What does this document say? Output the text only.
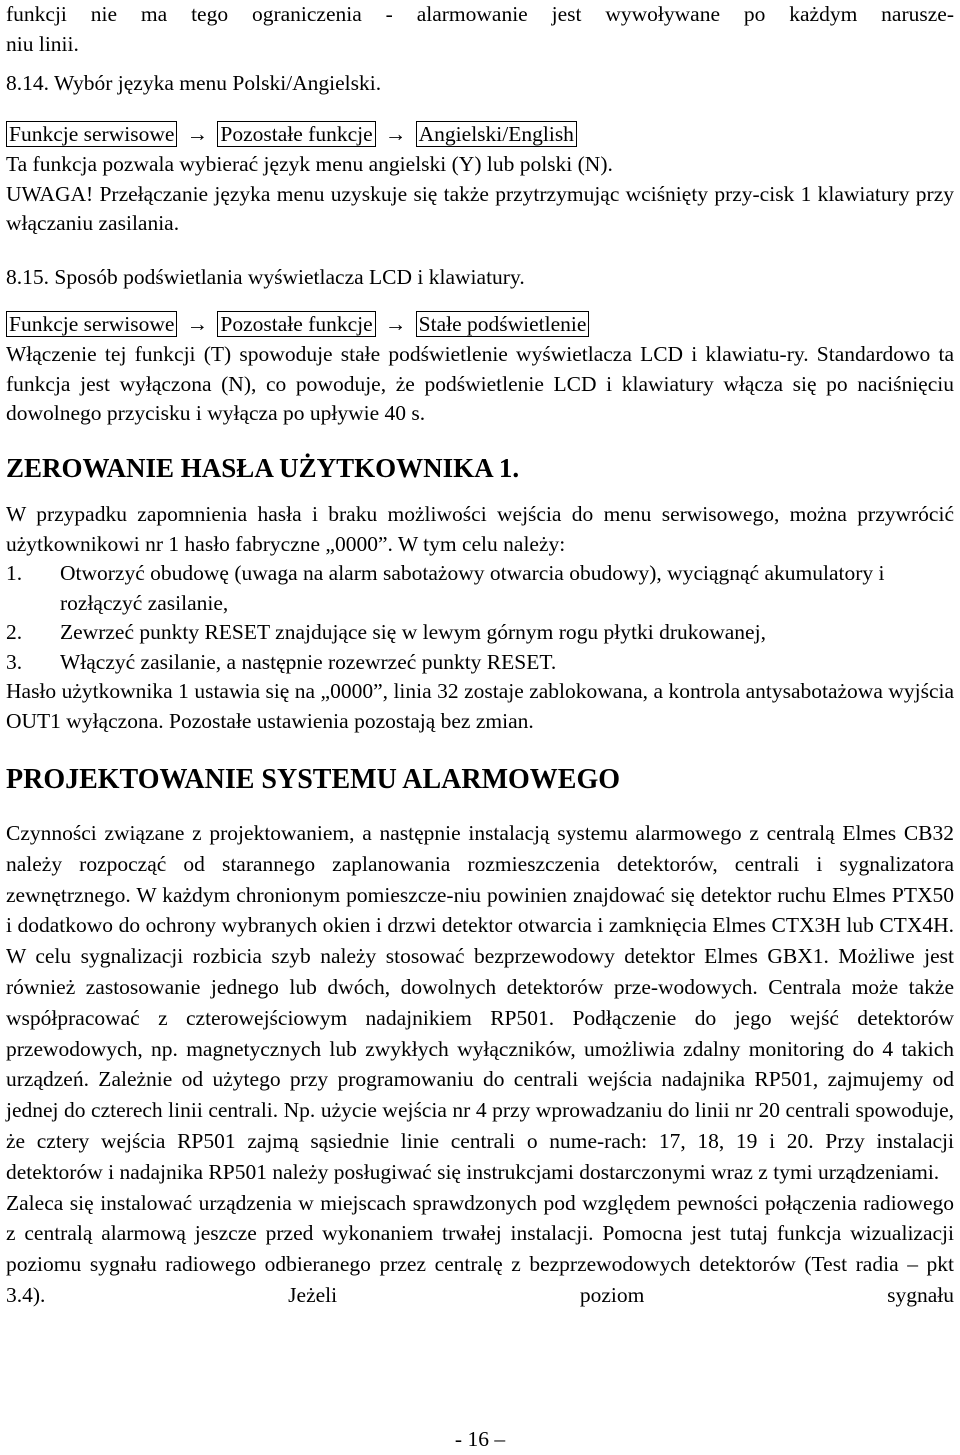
funkcji nie ma tego ograniczenia - alarmowanie jest wywoływane po każdym narusze-

niu linii.

8.14. Wybór języka menu Polski/Angielski.
Funkcje serwisowe → Pozostałe funkcje → Angielski/English

Ta funkcja pozwala wybierać język menu angielski (Y) lub polski (N).

UWAGA! Przełączanie języka menu uzyskuje się także przytrzymując wciśnięty przy-cisk 1 klawiatury przy włączaniu zasilania.

8.15. Sposób podświetlania wyświetlacza LCD i klawiatury.
Funkcje serwisowe → Pozostałe funkcje → Stałe podświetlenie

Włączenie tej funkcji (T) spowoduje stałe podświetlenie wyświetlacza LCD i klawiatu-ry. Standardowo ta funkcja jest wyłączona (N), co powoduje, że podświetlenie LCD i klawiatury włącza się po naciśnięciu dowolnego przycisku i wyłącza po upływie 40 s.

ZEROWANIE HASŁA UŻYTKOWNIKA 1.

W przypadku zapomnienia hasła i braku możliwości wejścia do menu serwisowego, można przywrócić użytkownikowi nr 1 hasło fabryczne „0000”. W tym celu należy:

1.	Otworzyć obudowę (uwaga na alarm sabotażowy otwarcia obudowy), wyciągnąć akumulatory i rozłączyć zasilanie,
2.	Zewrzeć punkty RESET znajdujące się w lewym górnym rogu płytki drukowanej,
3.	Włączyć zasilanie, a następnie rozewrzeć punkty RESET.

Hasło użytkownika 1 ustawia się na „0000”, linia 32 zostaje zablokowana, a kontrola antysabotażowa wyjścia OUT1 wyłączona. Pozostałe ustawienia pozostają bez zmian.

PROJEKTOWANIE SYSTEMU ALARMOWEGO

Czynności związane z projektowaniem, a następnie instalacją systemu alarmowego z centralą Elmes CB32 należy rozpocząć od starannego zaplanowania rozmieszczenia detektorów, centrali i sygnalizatora zewnętrznego. W każdym chronionym pomieszcze-niu powinien znajdować się detektor ruchu Elmes PTX50 i dodatkowo do ochrony wybranych okien i drzwi detektor otwarcia i zamknięcia Elmes CTX3H lub CTX4H. W celu sygnalizacji rozbicia szyb należy stosować bezprzewodowy detektor Elmes GBX1. Możliwe jest również zastosowanie jednego lub dwóch, dowolnych detektorów prze-wodowych. Centrala może także współpracować z czterowejściowym nadajnikiem RP501. Podłączenie do jego wejść detektorów przewodowych, np. magnetycznych lub zwykłych wyłączników, umożliwia zdalny monitoring do 4 takich urządzeń. Zależnie od użytego przy programowaniu do centrali wejścia nadajnika RP501, zajmujemy od jednej do czterech linii centrali. Np. użycie wejścia nr 4 przy wprowadzaniu do linii nr 20 centrali spowoduje, że cztery wejścia RP501 zajmą sąsiednie linie centrali o nume-rach: 17, 18, 19 i 20. Przy instalacji detektorów i nadajnika RP501 należy posługiwać się instrukcjami dostarczonymi wraz z tymi urządzeniami.

Zaleca się instalować urządzenia w miejscach sprawdzonych pod względem pewności połączenia radiowego z centralą alarmową jeszcze przed wykonaniem trwałej instalacji. Pomocna jest tutaj funkcja wizualizacji poziomu sygnału radiowego odbieranego przez centralę z bezprzewodowych detektorów (Test radia – pkt 3.4). Jeżeli poziom sygnału

- 16 –
